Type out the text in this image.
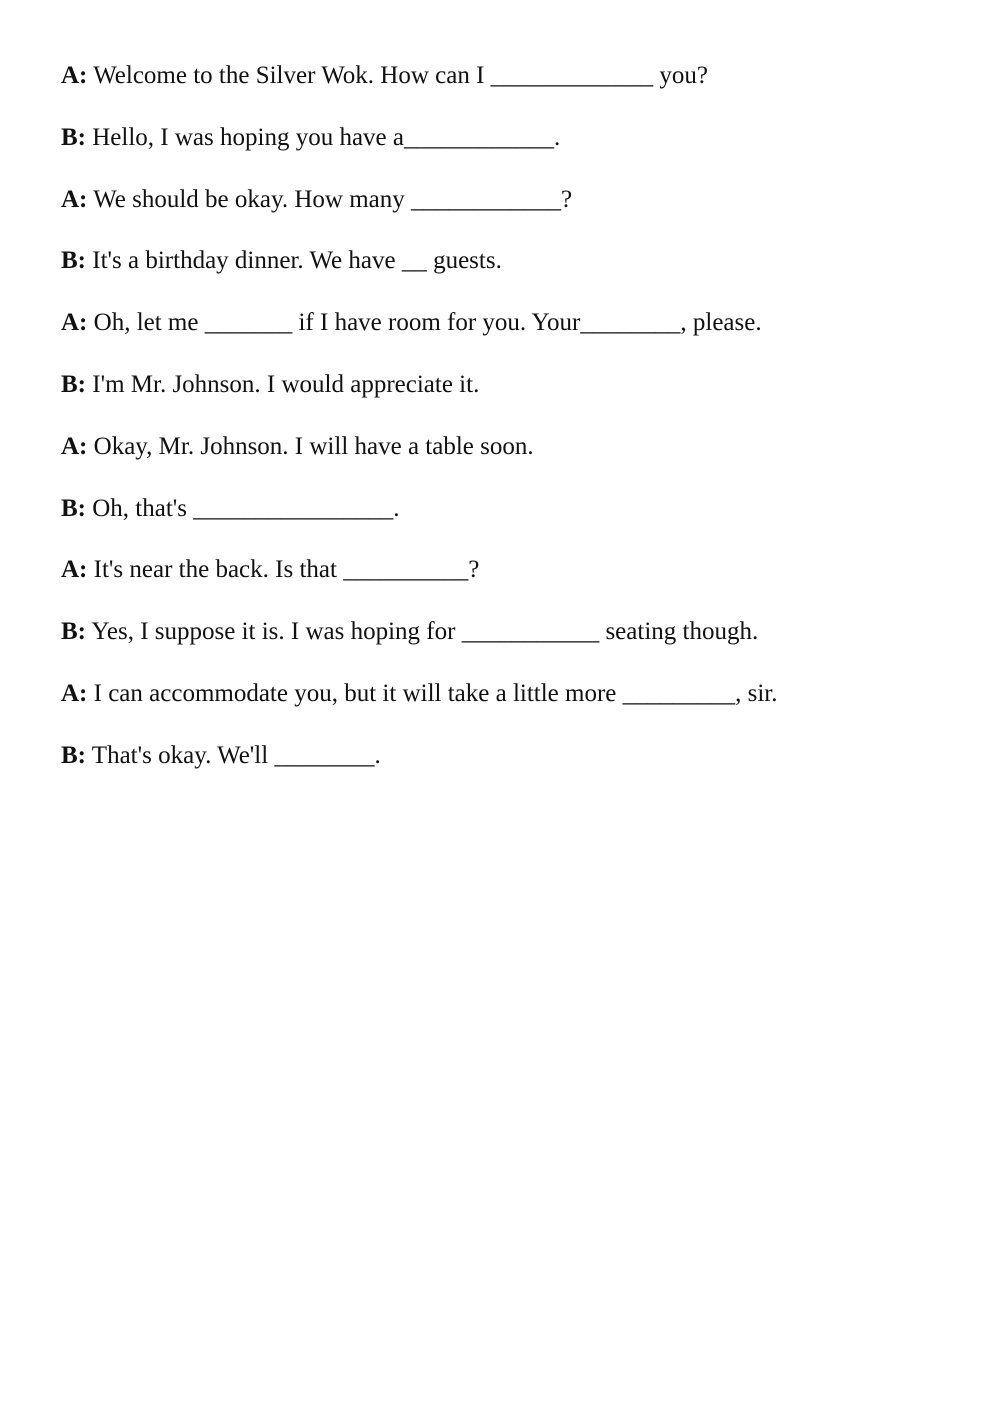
A: Welcome to the Silver Wok. How can I _____________ you?
B: Hello, I was hoping you have a____________.
A: We should be okay. How many ____________?
B: It's a birthday dinner. We have __ guests.
A: Oh, let me _______ if I have room for you. Your________, please.
B: I'm Mr. Johnson. I would appreciate it.
A: Okay, Mr. Johnson. I will have a table soon.
B: Oh, that's ________________.
A: It's near the back. Is that __________?
B: Yes, I suppose it is. I was hoping for ___________ seating though.
A: I can accommodate you, but it will take a little more _________, sir.
B: That's okay. We'll ________.
